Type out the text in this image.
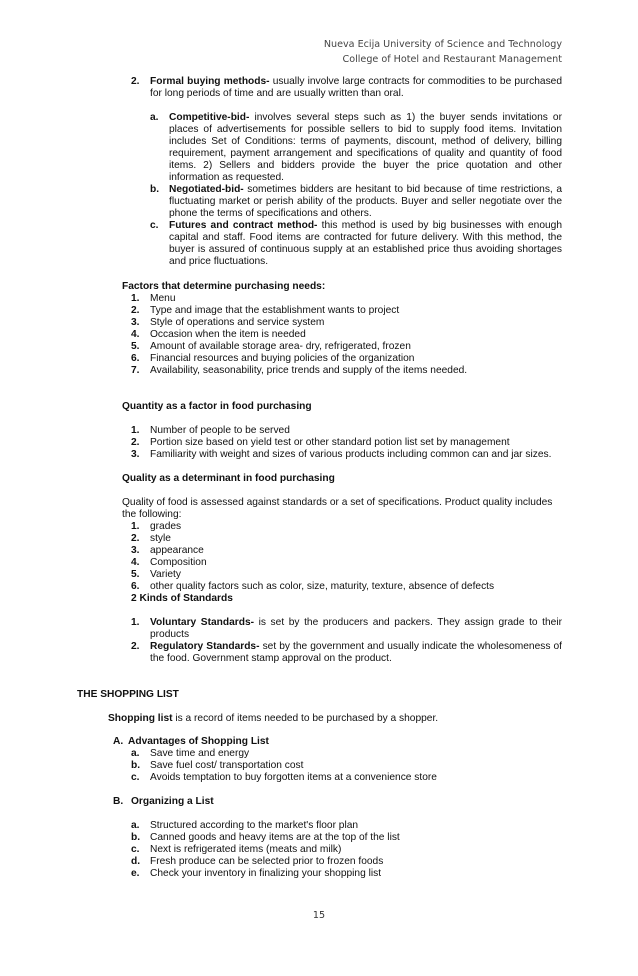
Nueva Ecija University of Science and Technology
College of Hotel and Restaurant Management
2. Formal buying methods- usually involve large contracts for commodities to be purchased for long periods of time and are usually written than oral.
a. Competitive-bid- involves several steps such as 1) the buyer sends invitations or places of advertisements for possible sellers to bid to supply food items. Invitation includes Set of Conditions: terms of payments, discount, method of delivery, billing requirement, payment arrangement and specifications of quality and quantity of food items. 2) Sellers and bidders provide the buyer the price quotation and other information as requested.
b. Negotiated-bid- sometimes bidders are hesitant to bid because of time restrictions, a fluctuating market or perish ability of the products. Buyer and seller negotiate over the phone the terms of specifications and others.
c. Futures and contract method- this method is used by big businesses with enough capital and staff. Food items are contracted for future delivery. With this method, the buyer is assured of continuous supply at an established price thus avoiding shortages and price fluctuations.
Factors that determine purchasing needs:
1. Menu
2. Type and image that the establishment wants to project
3. Style of operations and service system
4. Occasion when the item is needed
5. Amount of available storage area- dry, refrigerated, frozen
6. Financial resources and buying policies of the organization
7. Availability, seasonability, price trends and supply of the items needed.
Quantity as a factor in food purchasing
1. Number of people to be served
2. Portion size based on yield test or other standard potion list set by management
3. Familiarity with weight and sizes of various products including common can and jar sizes.
Quality as a determinant in food purchasing
Quality of food is assessed against standards or a set of specifications. Product quality includes the following:
1. grades
2. style
3. appearance
4. Composition
5. Variety
6. other quality factors such as color, size, maturity, texture, absence of defects
2 Kinds of Standards
1. Voluntary Standards- is set by the producers and packers. They assign grade to their products
2. Regulatory Standards- set by the government and usually indicate the wholesomeness of the food. Government stamp approval on the product.
THE SHOPPING LIST
Shopping list is a record of items needed to be purchased by a shopper.
A. Advantages of Shopping List
a. Save time and energy
b. Save fuel cost/ transportation cost
c. Avoids temptation to buy forgotten items at a convenience store
B. Organizing a List
a. Structured according to the market's floor plan
b. Canned goods and heavy items are at the top of the list
c. Next is refrigerated items (meats and milk)
d. Fresh produce can be selected prior to frozen foods
e. Check your inventory in finalizing your shopping list
15
